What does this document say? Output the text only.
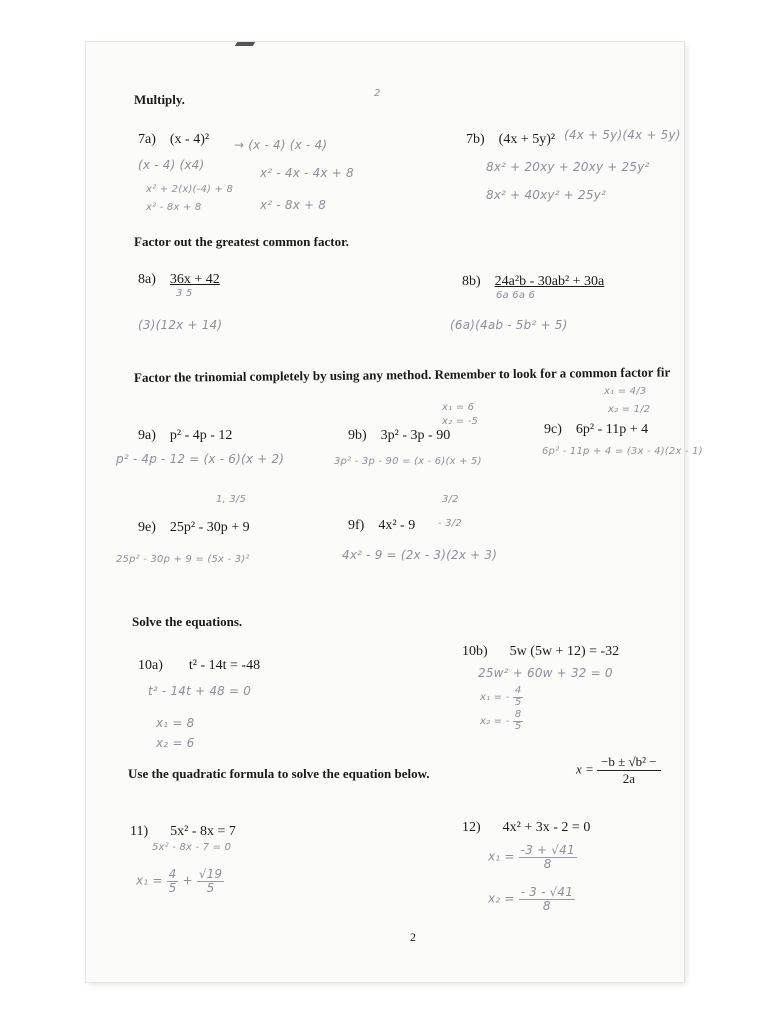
Multiply.	2
7a) (x - 4)² → (x - 4) (x - 4)
(x - 4) (x4)
x² - 4x - 4x + 8
x² + 2(x)(-4) + 8
x² - 8x + 8	x² - 8x + 8
7b) (4x + 5y)² (4x + 5y)(4x + 5y)
8x² + 20xy + 20xy + 25y²
8x² + 40xy² + 25y²
Factor out the greatest common factor.
8a) 36x + 42
3 5
(3)(12x + 14)
8b) 24a²b - 30ab² + 30a
6a 6a 6
(6a)(4ab - 5b² + 5)
Factor the trinomial completely by using any method. Remember to look for a common factor fir
x₁ = 4/3
x₂ = 1/2
x₁ = 6
x₂ = -5
9a) p² - 4p - 12	9b) 3p² - 3p - 90	9c) 6p² - 11p + 4
p² - 4p - 12 = (x - 6)(x + 2)	3p² - 3p - 90 = (x - 6)(x + 5)
6p² - 11p + 4 = (3x - 4)(2x - 1)
1, 3/5	3/2
- 3/2
9e) 25p² - 30p + 9	9f) 4x² - 9
25p² - 30p + 9 = (5x - 3)²	4x² - 9 = (2x - 3)(2x + 3)
Solve the equations.
10a) t² - 14t = -48
t² - 14t + 48 = 0
x₁ = 8
x₂ = 6
10b) 5w (5w + 12) = -32
25w² + 60w + 32 = 0
x₁ = - $\frac{4}{5}$
x₂ = - $\frac{8}{5}$
Use the quadratic formula to solve the equation below.	$x = \frac{\text{−b ± √b² −}}{2a}$
11) 5x² - 8x = 7
5x² - 8x - 7 = 0
$x_1 = \frac{4}{5} + \frac{√19}{5}$
12) 4x² + 3x - 2 = 0
$x_1 = \frac{-3 + √41}{8}$
$x_2 = \frac{- 3 - √41}{8}$
2
